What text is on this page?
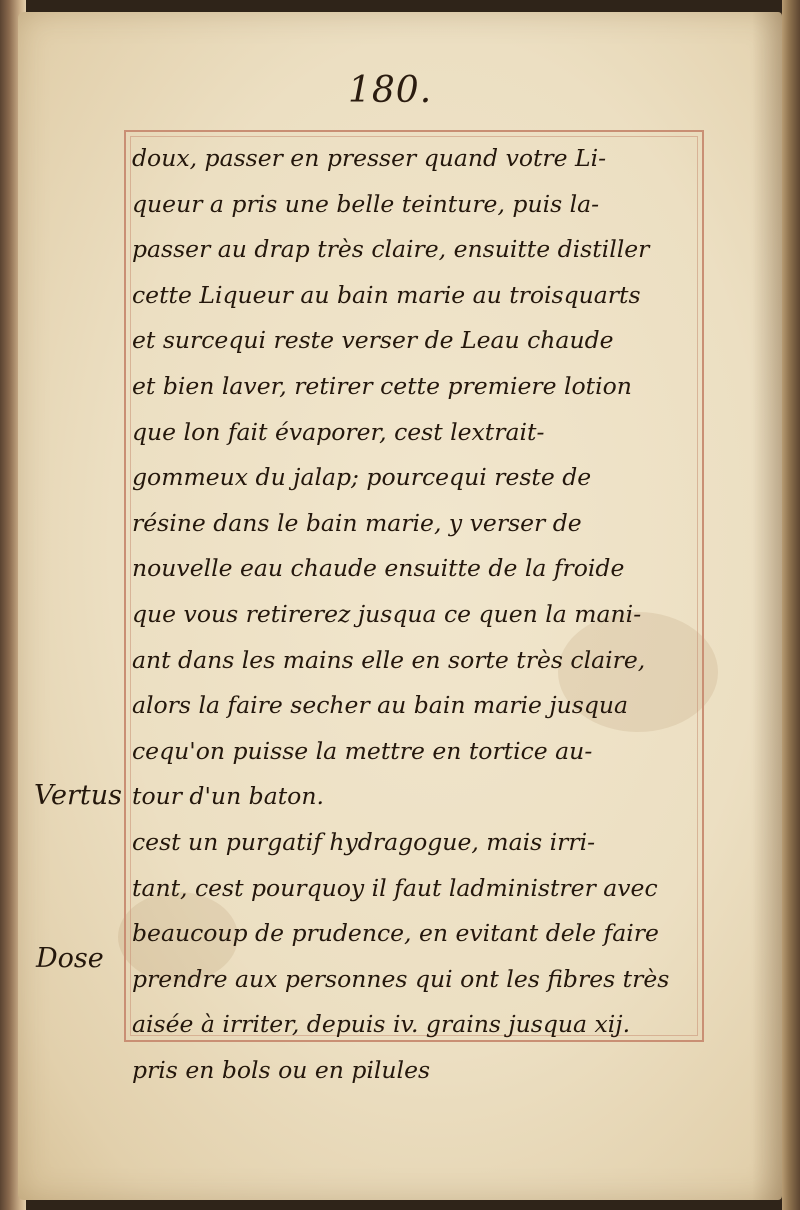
180.
doux, passer en presser quand votre Li-
queur a pris une belle teinture, puis la-
passer au drap très claire, ensuitte distiller
cette Liqueur au bain marie au troisquarts
et surcequi reste verser de Leau chaude
et bien laver, retirer cette premiere lotion
que lon fait évaporer, cest lextrait-
gommeux du jalap; pourcequi reste de
résine dans le bain marie, y verser de
nouvelle eau chaude ensuitte de la froide
que vous retirerez jusqua ce quen la mani-
ant dans les mains elle en sorte très claire,
alors la faire secher au bain marie jusqua
cequ'on puisse la mettre en tortice au-
tour d'un baton.
cest un purgatif hydragogue, mais irri-
tant, cest pourquoy il faut ladministrer avec
beaucoup de prudence, en evitant dele faire
prendre aux personnes qui ont les fibres très
aisée à irriter, depuis iv. grains jusqua xij.
pris en bols ou en pilules
Vertus
Dose
